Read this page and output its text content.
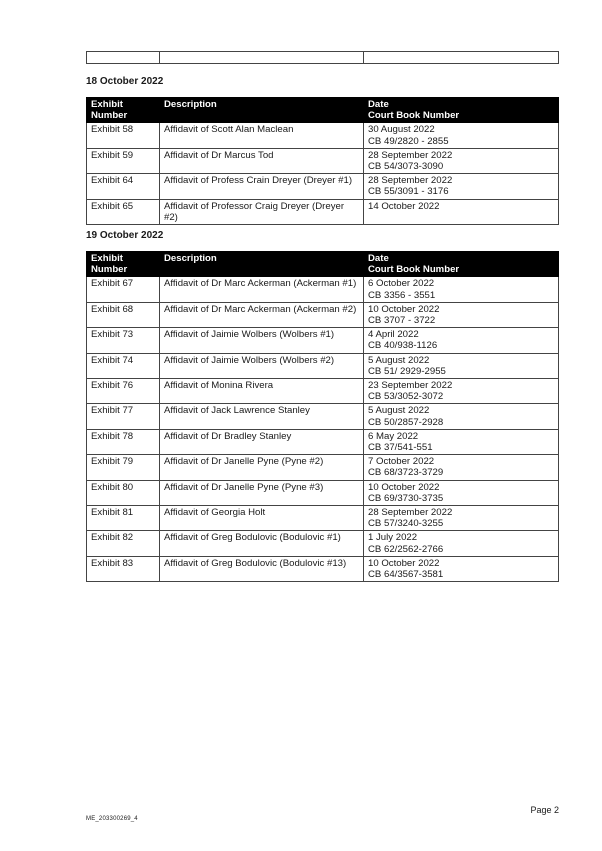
18 October 2022
Exhibit
Number	Description	Date
Court Book Number

Exhibit 58	Affidavit of Scott Alan Maclean	30 August 2022
CB 49/2820 - 2855

Exhibit 59	Affidavit of Dr Marcus Tod	28 September 2022
CB 54/3073-3090

Exhibit 64	Affidavit of Profess Crain Dreyer (Dreyer #1)	28 September 2022
CB 55/3091 - 3176

Exhibit 65	Affidavit of Professor Craig Dreyer (Dreyer #2)	14 October 2022
19 October 2022
Exhibit
Number	Description	Date
Court Book Number

Exhibit 67	Affidavit of Dr Marc Ackerman (Ackerman #1)	6 October 2022
CB 3356 - 3551

Exhibit 68	Affidavit of Dr Marc Ackerman (Ackerman #2)	10 October 2022
CB 3707 - 3722

Exhibit 73	Affidavit of Jaimie Wolbers (Wolbers #1)	4 April 2022
CB 40/938-1126

Exhibit 74	Affidavit of Jaimie Wolbers (Wolbers #2)	5 August 2022
CB 51/ 2929-2955

Exhibit 76	Affidavit of Monina Rivera	23 September 2022
CB 53/3052-3072

Exhibit 77	Affidavit of Jack Lawrence Stanley	5 August 2022
CB 50/2857-2928

Exhibit 78	Affidavit of Dr Bradley Stanley	6 May 2022
CB 37/541-551

Exhibit 79	Affidavit of Dr Janelle Pyne (Pyne #2)	7 October 2022
CB 68/3723-3729

Exhibit 80	Affidavit of Dr Janelle Pyne (Pyne #3)	10 October 2022
CB 69/3730-3735

Exhibit 81	Affidavit of Georgia Holt	28 September 2022
CB 57/3240-3255

Exhibit 82	Affidavit of Greg Bodulovic (Bodulovic #1)	1 July 2022
CB 62/2562-2766

Exhibit 83	Affidavit of Greg Bodulovic (Bodulovic #13)	10 October 2022
CB 64/3567-3581
Page 2
ME_203300269_4
